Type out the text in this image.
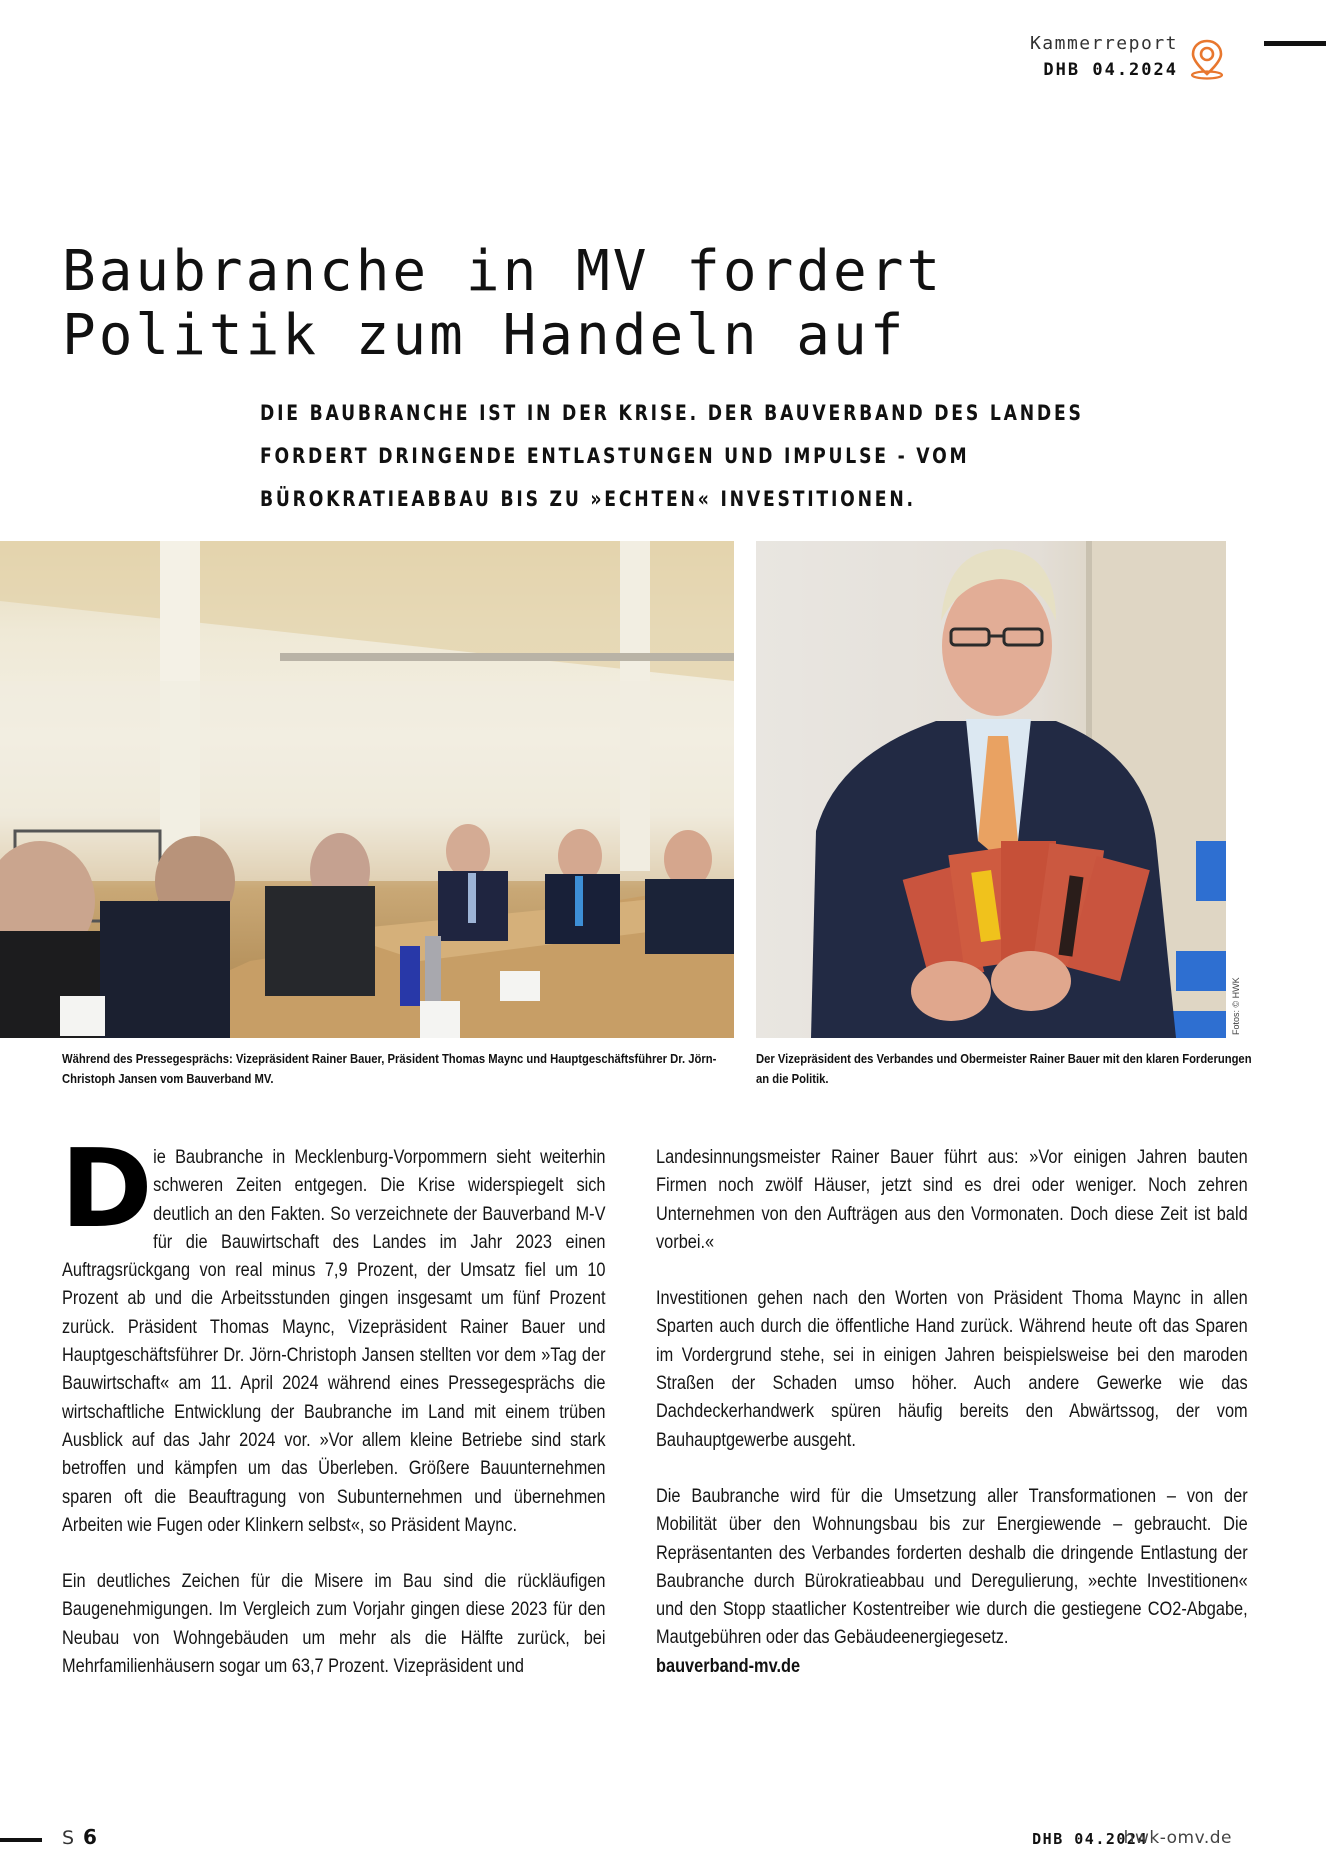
Kammerreport
DHB 04.2024
Baubranche in MV fordert
Politik zum Handeln auf
DIE BAUBRANCHE IST IN DER KRISE. DER BAUVERBAND DES LANDES FORDERT DRINGENDE ENTLASTUNGEN UND IMPULSE - VOM BÜROKRATIEABBAU BIS ZU »ECHTEN« INVESTITIONEN.
Fotos: © HWK
Während des Pressegesprächs: Vizepräsident Rainer Bauer, Präsident Thomas Maync und Hauptgeschäftsführer Dr. Jörn-Christoph Jansen vom Bauverband MV.
Der Vizepräsident des Verbandes und Obermeister Rainer Bauer mit den klaren Forderungen an die Politik.

D ie Baubranche in Mecklenburg-Vorpommern sieht weiterhin schweren Zeiten entgegen. Die Krise widerspiegelt sich deutlich an den Fakten. So verzeichnete der Bauverband M-V für die Bauwirtschaft des Landes im Jahr 2023 einen Auftragsrückgang von real minus 7,9 Prozent, der Umsatz fiel um 10 Prozent ab und die Arbeitsstunden gingen insgesamt um fünf Prozent zurück. Präsident Thomas Maync, Vizepräsident Rainer Bauer und Hauptgeschäftsführer Dr. Jörn-Christoph Jansen stellten vor dem »Tag der Bauwirtschaft« am 11. April 2024 während eines Pressegesprächs die wirtschaftliche Entwicklung der Baubranche im Land mit einem trüben Ausblick auf das Jahr 2024 vor. »Vor allem kleine Betriebe sind stark betroffen und kämpfen um das Überleben. Größere Bauunternehmen sparen oft die Beauftragung von Subunternehmen und übernehmen Arbeiten wie Fugen oder Klinkern selbst«, so Präsident Maync.

Ein deutliches Zeichen für die Misere im Bau sind die rückläufigen Baugenehmigungen. Im Vergleich zum Vorjahr gingen diese 2023 für den Neubau von Wohngebäuden um mehr als die Hälfte zurück, bei Mehrfamilienhäusern sogar um 63,7 Prozent. Vizepräsident und

Landesinnungsmeister Rainer Bauer führt aus: »Vor einigen Jahren bauten Firmen noch zwölf Häuser, jetzt sind es drei oder weniger. Noch zehren Unternehmen von den Aufträgen aus den Vormonaten. Doch diese Zeit ist bald vorbei.«

Investitionen gehen nach den Worten von Präsident Thoma Maync in allen Sparten auch durch die öffentliche Hand zurück. Während heute oft das Sparen im Vordergrund stehe, sei in einigen Jahren beispielsweise bei den maroden Straßen der Schaden umso höher. Auch andere Gewerke wie das Dachdeckerhandwerk spüren häufig bereits den Abwärtssog, der vom Bauhauptgewerbe ausgeht.

Die Baubranche wird für die Umsetzung aller Transformationen – von der Mobilität über den Wohnungsbau bis zur Energiewende – gebraucht. Die Repräsentanten des Verbandes forderten deshalb die dringende Entlastung der Baubranche durch Bürokratieabbau und Deregulierung, »echte Investitionen« und den Stopp staatlicher Kostentreiber wie durch die gestiegene CO2-Abgabe, Mautgebühren oder das Gebäudeenergiegesetz.

bauverband-mv.de
S 6	DHB 04.2024
hwk-omv.de
